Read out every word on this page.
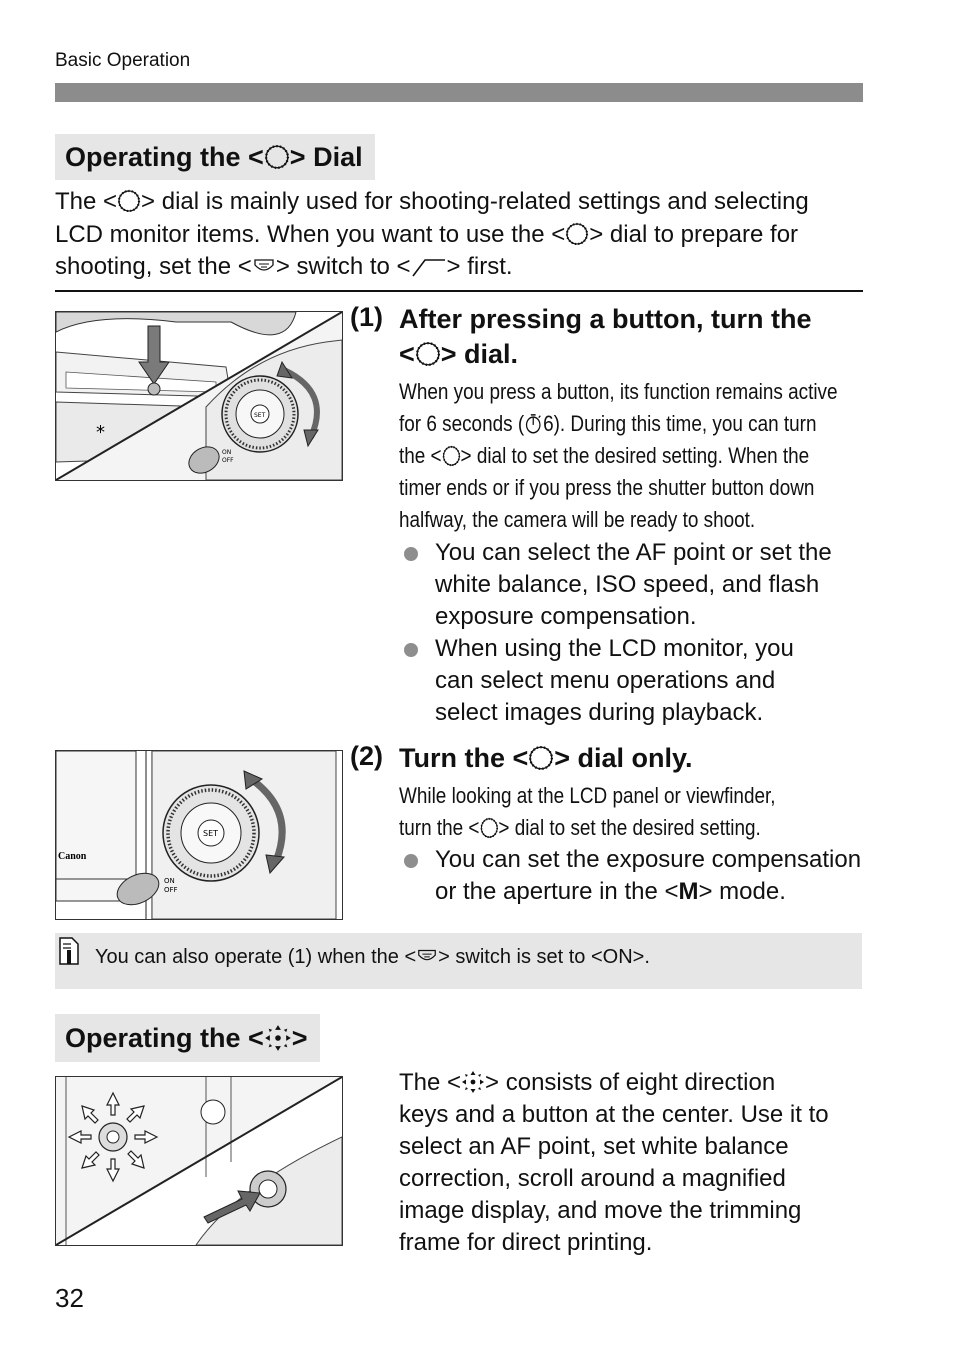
Basic Operation
Operating the < > Dial
The < > dial is mainly used for shooting-related settings and selecting
LCD monitor items. When you want to use the < > dial to prepare for
shooting, set the < > switch to < > first.
*
SET
ON
OFF
(1) After pressing a button, turn the
< > dial.
When you press a button, its function remains active
for 6 seconds ( 6). During this time, you can turn
the < > dial to set the desired setting. When the
timer ends or if you press the shutter button down
halfway, the camera will be ready to shoot.
You can select the AF point or set the
white balance, ISO speed, and flash
exposure compensation.
When using the LCD monitor, you
can select menu operations and
select images during playback.
Canon
SET
ON
OFF
(2) Turn the < > dial only.
While looking at the LCD panel or viewfinder,
turn the < > dial to set the desired setting.
You can set the exposure compensation
or the aperture in the <M> mode.
You can also operate (1) when the < > switch is set to <ON>.
Operating the < >
The < > consists of eight direction
keys and a button at the center. Use it to
select an AF point, set white balance
correction, scroll around a magnified
image display, and move the trimming
frame for direct printing.
32
